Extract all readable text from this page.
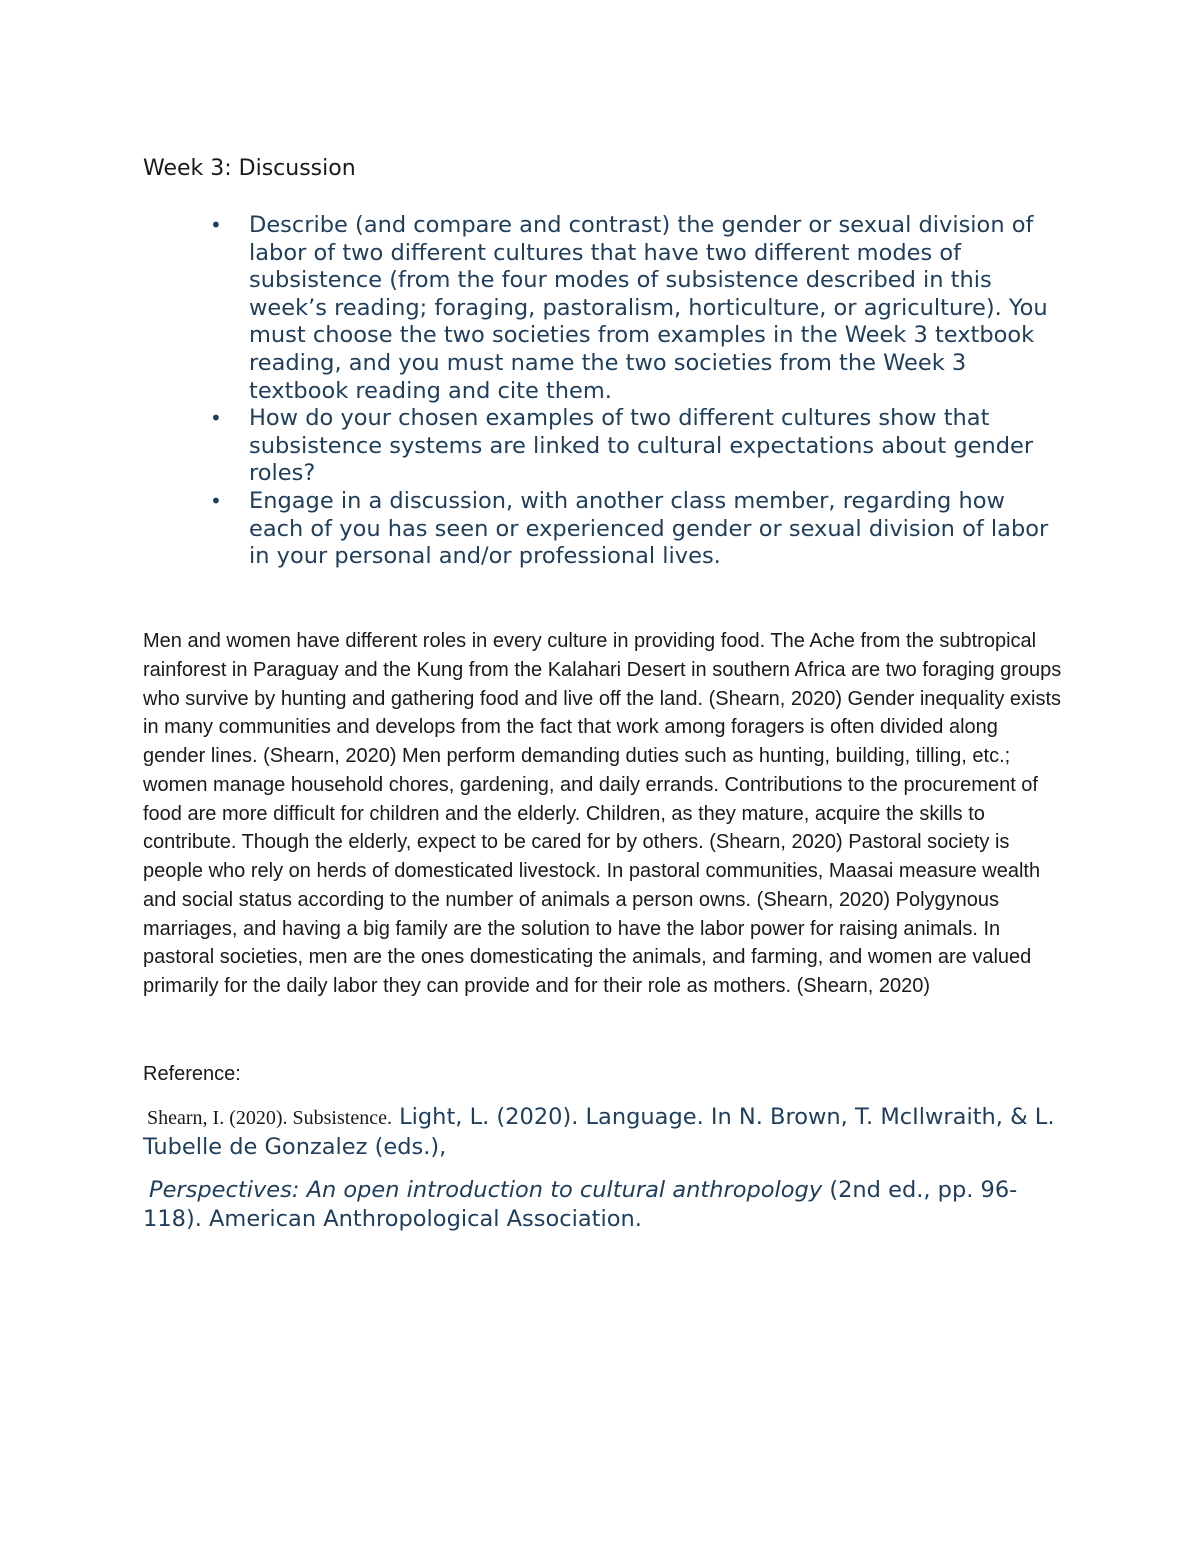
Week 3: Discussion
• Describe (and compare and contrast) the gender or sexual division of labor of two different cultures that have two different modes of subsistence (from the four modes of subsistence described in this week’s reading; foraging, pastoralism, horticulture, or agriculture). You must choose the two societies from examples in the Week 3 textbook reading, and you must name the two societies from the Week 3 textbook reading and cite them.
• How do your chosen examples of two different cultures show that subsistence systems are linked to cultural expectations about gender roles?
• Engage in a discussion, with another class member, regarding how each of you has seen or experienced gender or sexual division of labor in your personal and/or professional lives.

Men and women have different roles in every culture in providing food. The Ache from the subtropical rainforest in Paraguay and the Kung from the Kalahari Desert in southern Africa are two foraging groups who survive by hunting and gathering food and live off the land. (Shearn, 2020) Gender inequality exists in many communities and develops from the fact that work among foragers is often divided along gender lines. (Shearn, 2020) Men perform demanding duties such as hunting, building, tilling, etc.; women manage household chores, gardening, and daily errands. Contributions to the procurement of food are more difficult for children and the elderly. Children, as they mature, acquire the skills to contribute. Though the elderly, expect to be cared for by others. (Shearn, 2020) Pastoral society is people who rely on herds of domesticated livestock. In pastoral communities, Maasai measure wealth and social status according to the number of animals a person owns. (Shearn, 2020) Polygynous marriages, and having a big family are the solution to have the labor power for raising animals. In pastoral societies, men are the ones domesticating the animals, and farming, and women are valued primarily for the daily labor they can provide and for their role as mothers. (Shearn, 2020)

Reference:

Shearn, I. (2020). Subsistence. Light, L. (2020). Language. In N. Brown, T. McIlwraith, & L. Tubelle de Gonzalez (eds.),

Perspectives: An open introduction to cultural anthropology (2nd ed., pp. 96-118). American Anthropological Association.
